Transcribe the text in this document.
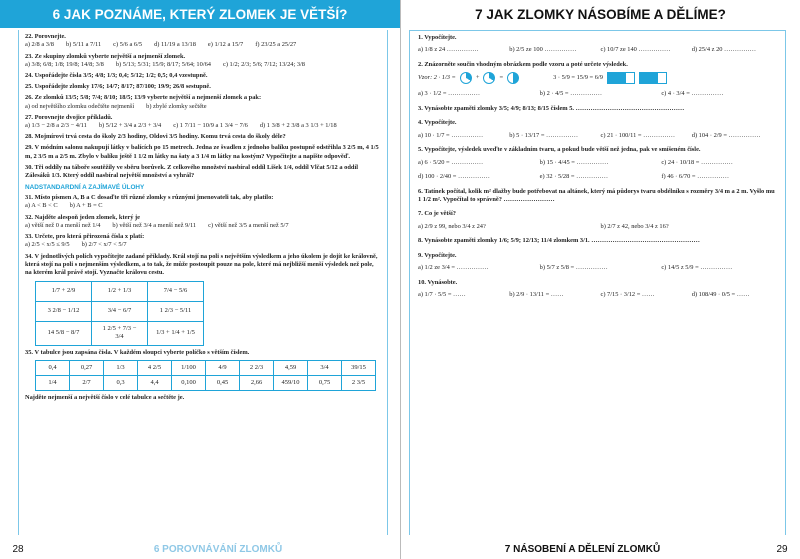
6 JAK POZNÁME, KTERÝ ZLOMEK JE VĚTŠÍ?
22. Porovnejte.
a) 2/8 a 3/8 b) 5/11 a 7/11 c) 5/6 a 6/5 d) 11/19 a 13/18 e) 1/12 a 15/7 f) 23/25 a 25/27
23. Ze skupiny zlomků vyberte největší a nejmenší zlomek.
a) 3/8; 6/8; 1/8; 19/8; 14/8; 3/8 b) 5/13; 5/31; 15/9; 8/17; 5/64; 10/64 c) 1/2; 2/3; 5/6; 7/12; 13/24; 3/8
24. Uspořádejte čísla 3/5; 4/8; 1/3; 0,4; 5/12; 1/2; 0,5; 0,4 vzestupně.
25. Uspořádejte zlomky 17/6; 14/7; 8/17; 87/100; 19/9; 26/8 sestupně.
26. Ze zlomků 13/5; 5/8; 7/4; 8/10; 18/5; 13/9 vyberte největší a nejmenší zlomek a pak:
a) od největšího zlomku odečtěte nejmenší b) zbylé zlomky sečtěte
27. Porovnejte dvojice příkladů.
a) 1/3 − 2/8 a 2/3 − 4/11 b) 5/12 + 3/4 a 2/3 + 3/4 c) 1 7/11 − 10/9 a 1 3/4 − 7/6 d) 1 3/8 + 2 3/8 a 3 1/3 + 1/18
28. Mojmírovi trvá cesta do školy 2/3 hodiny, Oldovi 3/5 hodiny. Komu trvá cesta do školy déle?
29. V módním salonu nakupují látky v balících po 15 metrech. Jedna ze švadlen z jednoho balíku postupně odstřihla 3 2/5 m, 4 1/5 m, 2 3/5 m a 2/5 m. Zbylo v balíku ještě 1 1/2 m látky na šaty a 3 1/4 m látky na kostým? Vypočítejte a napište odpověď.
30. Tři oddíly na táboře soutěžily ve sběru borůvek. Z celkového množství nasbíral oddíl Lišek 1/4, oddíl Vlčat 5/12 a oddíl Zálesáků 1/3. Který oddíl nasbíral největší množství a vyhrál?
NADSTANDARDNÍ A ZAJÍMAVÉ ÚLOHY
31. Místo písmen A, B a C dosaďte tři různé zlomky s různými jmenovateli tak, aby platilo:
a) A < B < C b) A + B = C
32. Najděte alespoň jeden zlomek, který je
a) větší než 0 a menší než 1/4 b) větší než 3/4 a menší než 9/11 c) větší než 3/5 a menší než 5/7
33. Určete, pro která přirozená čísla x platí:
a) 2/5 < x/5 ≤ 9/5 b) 2/7 < x/7 < 5/7
34. V jednotlivých polích vypočítejte zadané příklady. Král stojí na poli s největším výsledkem a jeho úkolem je dojít ke královně, která stojí na poli s nejmenším výsledkem, a to tak, že může postoupit pouze na pole, které má nejbližší menší výsledek než pole, na kterém král právě stojí. Vyznačte královu cestu.
1/7 + 2/9	1/2 + 1/3	7/4 − 5/6
3 2/8 − 1/12	3/4 − 6/7	1 2/3 − 5/11
14 5/8 − 8/7	1 2/5 + 7/3 − 3/4	1/3 + 1/4 + 1/5
35. V tabulce jsou zapsána čísla. V každém sloupci vyberte políčko s větším číslem.
0,4	0,27	1/3	4 2/5	1/100	4/9	2 2/3	4,59	3/4	39/15
1/4	2/7	0,3	4,4	0,100	0,45	2,66	459/10	0,75	2 3/5
Najděte nejmenší a největší číslo v celé tabulce a sečtěte je.
28	6 POROVNÁVÁNÍ ZLOMKŮ
7 JAK ZLOMKY NÁSOBÍME A DĚLÍME?
1. Vypočítejte.
a) 1/8 z 24 ……………	b) 2/5 ze 100 ……………	c) 10/7 ze 140 ……………	d) 25/4 z 20 ……………
2. Znázorněte součin vhodným obrázkem podle vzoru a poté určete výsledek.
Vzor: 2 · 1/3 =	+	=	3 · 5/9 = 15/9 = 6/9
a) 3 · 1/2 = ……………	b) 2 · 4/5 = ……………	c) 4 · 3/4 = ……………
3. Vynásobte zpaměti zlomky 3/5; 4/9; 8/13; 8/15 číslem 5. ……………………………………………
4. Vypočítejte.
a) 10 · 1/7 = ……………	b) 5 · 13/17 = ……………	c) 21 · 100/11 = ……………	d) 104 · 2/9 = ……………
5. Vypočítejte, výsledek uveďte v základním tvaru, a pokud bude větší než jedna, pak ve smíšeném čísle.
a) 6 · 5/20 = ……………	b) 15 · 4/45 = ……………	c) 24 · 10/18 = ……………
d) 100 · 2/40 = ……………	e) 32 · 5/28 = ……………	f) 46 · 6/70 = ……………
6. Tatínek počítal, kolik m² dlažby bude potřebovat na altánek, který má půdorys tvaru obdélníku s rozměry 3/4 m a 2 m. Vyšlo mu 1 1/2 m². Vypočítal to správně? ……………………
7. Co je větší?
a) 2/9 z 99, nebo 3/4 z 24?	b) 2/7 z 42, nebo 3/4 z 16?
8. Vynásobte zpaměti zlomky 1/6; 5/9; 12/13; 11/4 zlomkem 3/1. ……………………………………………
9. Vypočítejte.
a) 1/2 ze 3/4 = ……………	b) 5/7 z 5/8 = ……………	c) 14/5 z 5/9 = ……………
10. Vynásobte.
a) 1/7 · 5/5 = ……	b) 2/9 · 13/11 = ……	c) 7/15 · 3/12 = ……	d) 108/49 · 0/5 = ……
7 NÁSOBENÍ A DĚLENÍ ZLOMKŮ	29
